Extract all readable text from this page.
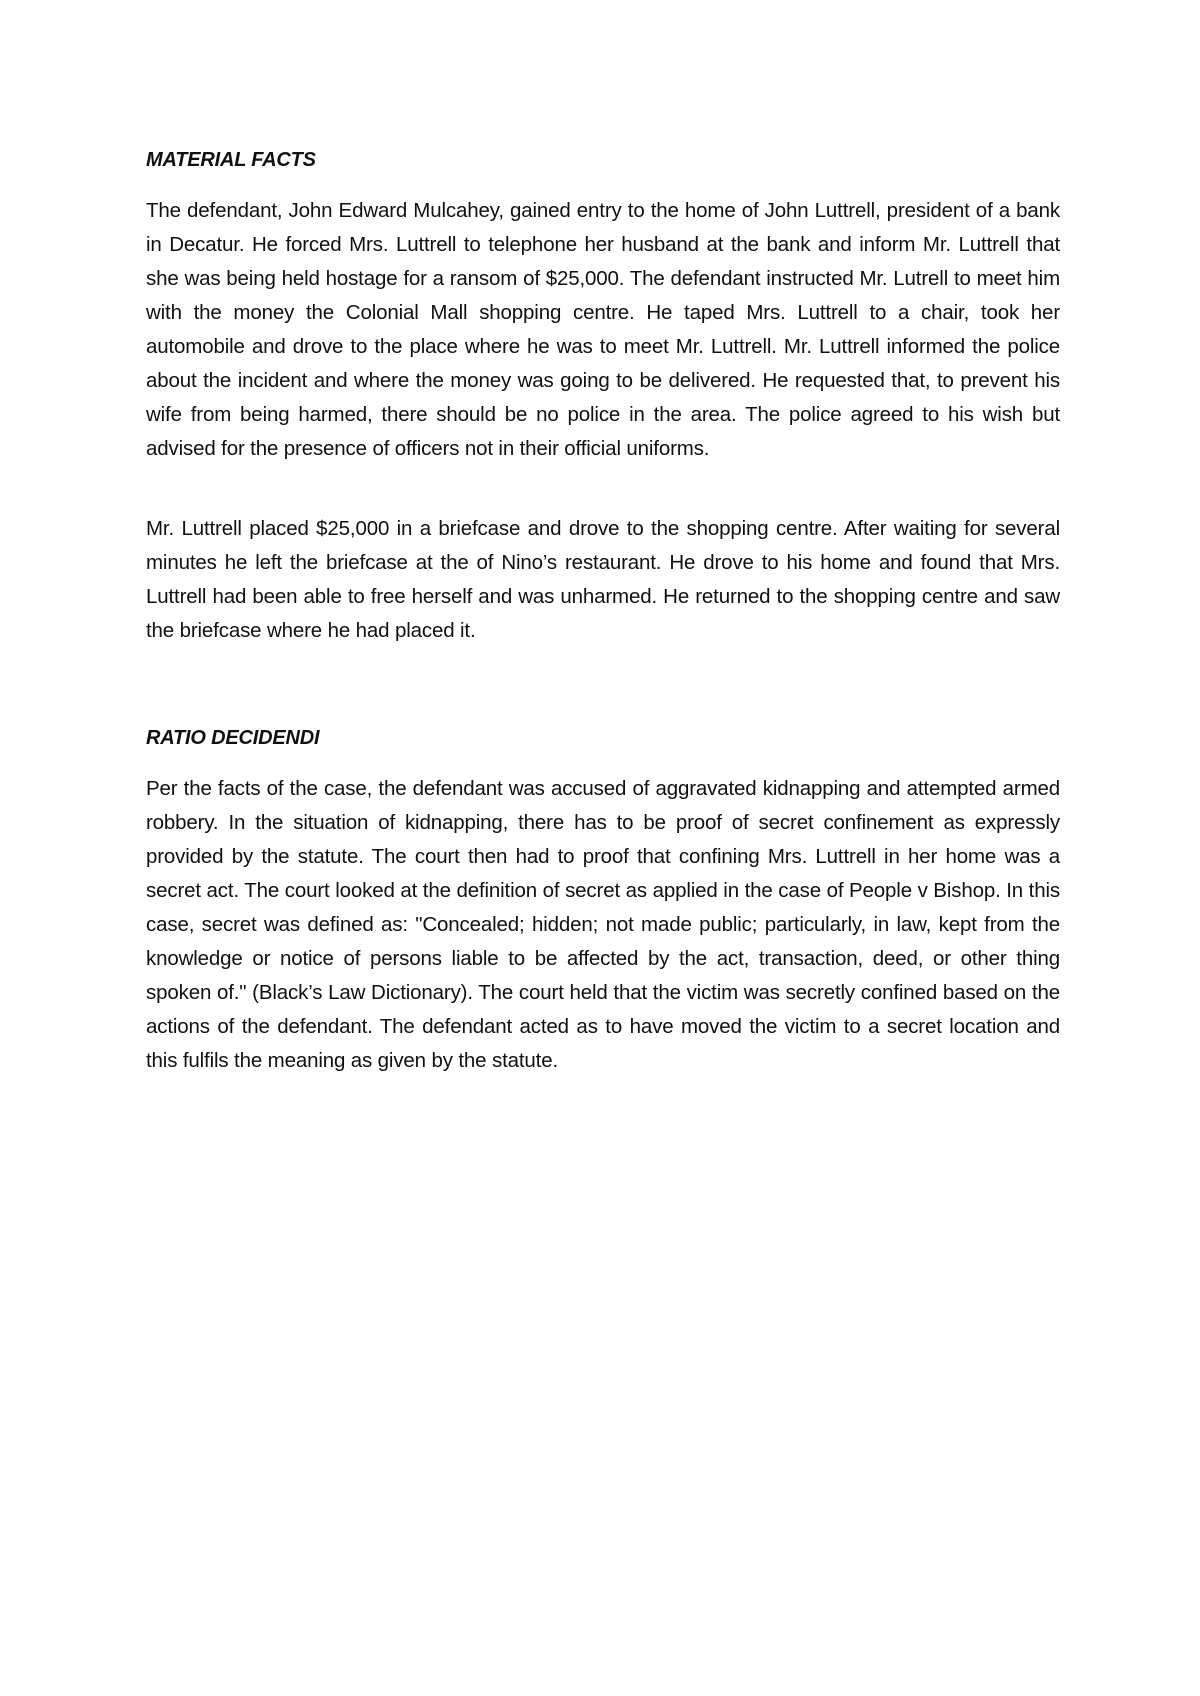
MATERIAL FACTS

The defendant, John Edward Mulcahey, gained entry to the home of John Luttrell, president of a bank in Decatur. He forced Mrs. Luttrell to telephone her husband at the bank and inform Mr. Luttrell that she was being held hostage for a ransom of $25,000. The defendant instructed Mr. Lutrell to meet him with the money the Colonial Mall shopping centre. He taped Mrs. Luttrell to a chair, took her automobile and drove to the place where he was to meet Mr. Luttrell. Mr. Luttrell informed the police about the incident and where the money was going to be delivered. He requested that, to prevent his wife from being harmed, there should be no police in the area. The police agreed to his wish but advised for the presence of officers not in their official uniforms.

Mr. Luttrell placed $25,000 in a briefcase and drove to the shopping centre. After waiting for several minutes he left the briefcase at the of Nino’s restaurant. He drove to his home and found that Mrs. Luttrell had been able to free herself and was unharmed. He returned to the shopping centre and saw the briefcase where he had placed it.

RATIO DECIDENDI

Per the facts of the case, the defendant was accused of aggravated kidnapping and attempted armed robbery. In the situation of kidnapping, there has to be proof of secret confinement as expressly provided by the statute. The court then had to proof that confining Mrs. Luttrell in her home was a secret act. The court looked at the definition of secret as applied in the case of People v Bishop. In this case, secret was defined as: "Concealed; hidden; not made public; particularly, in law, kept from the knowledge or notice of persons liable to be affected by the act, transaction, deed, or other thing spoken of." (Black’s Law Dictionary). The court held that the victim was secretly confined based on the actions of the defendant. The defendant acted as to have moved the victim to a secret location and this fulfils the meaning as given by the statute.
